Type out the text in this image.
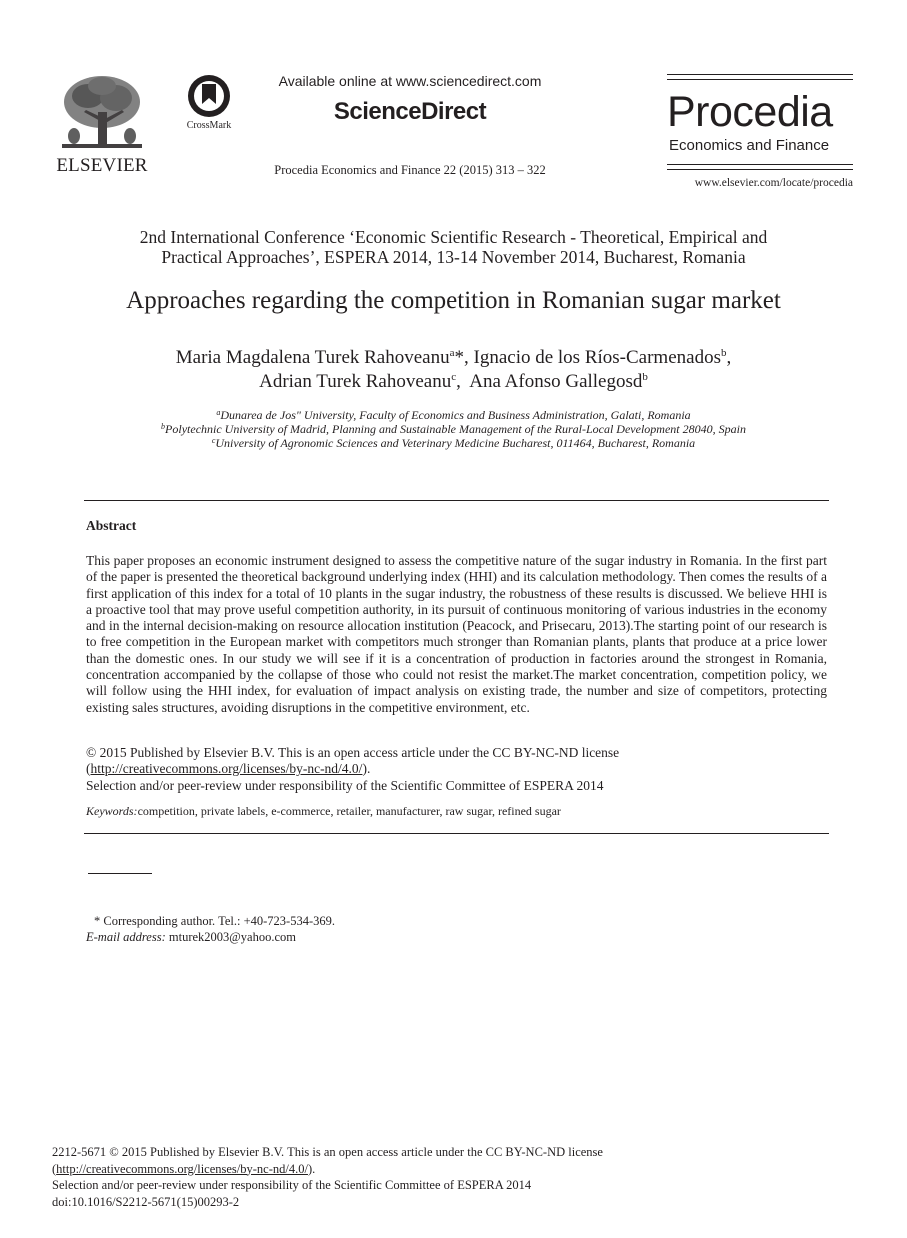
ELSEVIER
CrossMark
Available online at www.sciencedirect.com
ScienceDirect
Procedia Economics and Finance 22 (2015) 313 – 322
Procedia
Economics and Finance
www.elsevier.com/locate/procedia
2nd International Conference ‘Economic Scientific Research - Theoretical, Empirical and
Practical Approaches’, ESPERA 2014, 13-14 November 2014, Bucharest, Romania
Approaches regarding the competition in Romanian sugar market
Maria Magdalena Turek Rahoveanu$^a$*, Ignacio de los Ríos-Carmenados$^b$,
Adrian Turek Rahoveanu$^c$,  Ana Afonso Gallegosd$^b$
$^a$Dunarea de Jos" University, Faculty of Economics and Business Administration, Galati, Romania
$^b$Polytechnic University of Madrid, Planning and Sustainable Management of the Rural-Local Development 28040, Spain
$^c$University of Agronomic Sciences and Veterinary Medicine Bucharest, 011464, Bucharest, Romania
Abstract
This paper proposes an economic instrument designed to assess the competitive nature of the sugar industry in Romania. In the first part of the paper is presented the theoretical background underlying index (HHI) and its calculation methodology. Then comes the results of a first application of this index for a total of 10 plants in the sugar industry, the robustness of these results is discussed. We believe HHI is a proactive tool that may prove useful competition authority, in its pursuit of continuous monitoring of various industries in the economy and in the internal decision-making on resource allocation institution (Peacock, and Prisecaru, 2013).The starting point of our research is to free competition in the European market with competitors much stronger than Romanian plants, plants that produce at a price lower than the domestic ones. In our study we will see if it is a concentration of production in factories around the strongest in Romania, concentration accompanied by the collapse of those who could not resist the market.The market concentration, competition policy, we will follow using the HHI index, for evaluation of impact analysis on existing trade, the number and size of competitors, protecting existing sales structures, avoiding disruptions in the competitive environment, etc.
© 2015 Published by Elsevier B.V. This is an open access article under the CC BY-NC-ND license
(http://creativecommons.org/licenses/by-nc-nd/4.0/).
Selection and/or peer-review under responsibility of the Scientific Committee of ESPERA 2014
Keywords:competition, private labels, e-commerce, retailer, manufacturer, raw sugar, refined sugar
* Corresponding author. Tel.: +40-723-534-369.
E-mail address: mturek2003@yahoo.com
2212-5671 © 2015 Published by Elsevier B.V. This is an open access article under the CC BY-NC-ND license
(http://creativecommons.org/licenses/by-nc-nd/4.0/).
Selection and/or peer-review under responsibility of the Scientific Committee of ESPERA 2014
doi:10.1016/S2212-5671(15)00293-2
